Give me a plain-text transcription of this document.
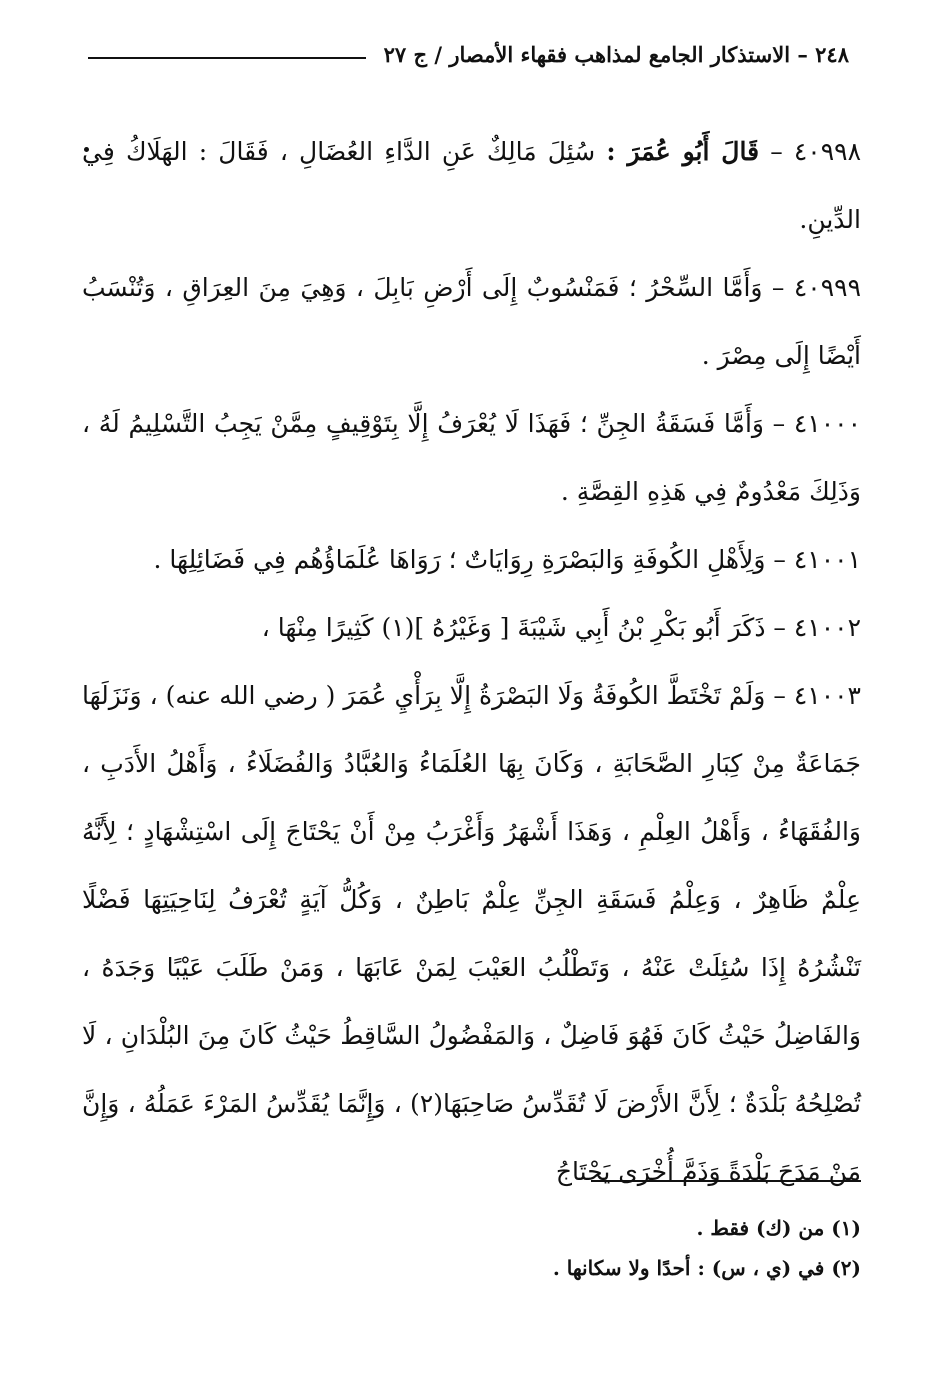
٢٤٨ – الاستذكار الجامع لمذاهب فقهاء الأمصار / ج ٢٧

٤٠٩٩٨ – قَالَ أَبُو عُمَرَ : سُئِلَ مَالِكٌ عَنِ الدَّاءِ العُضَالِ ، فَقَالَ : الهَلَاكُ فِي الدِّينِ.

٤٠٩٩٩ – وَأَمَّا السِّحْرُ ؛ فَمَنْسُوبٌ إِلَى أَرْضِ بَابِلَ ، وَهِيَ مِنَ العِرَاقِ ، وَتُنْسَبُ أَيْضًا إِلَى مِصْرَ .

٤١٠٠٠ – وَأَمَّا فَسَقَةُ الجِنِّ ؛ فَهَذَا لَا يُعْرَفُ إِلَّا بِتَوْقِيفٍ مِمَّنْ يَجِبُ التَّسْلِيمُ لَهُ ، وَذَلِكَ مَعْدُومٌ فِي هَذِهِ القِصَّةِ .

٤١٠٠١ – وَلِأَهْلِ الكُوفَةِ وَالبَصْرَةِ رِوَايَاتٌ ؛ رَوَاهَا عُلَمَاؤُهُم فِي فَضَائِلِهَا .

٤١٠٠٢ – ذَكَرَ أَبُو بَكْرِ بْنُ أَبِي شَيْبَةَ [ وَغَيْرُهُ ](١) كَثِيرًا مِنْهَا ،

٤١٠٠٣ – وَلَمْ تَخْتَطَّ الكُوفَةُ وَلَا البَصْرَةُ إِلَّا بِرَأْيِ عُمَرَ ( رضي الله عنه) ، وَنَزَلَهَا جَمَاعَةٌ مِنْ كِبَارِ الصَّحَابَةِ ، وَكَانَ بِهَا العُلَمَاءُ وَالعُبَّادُ وَالفُضَلَاءُ ، وَأَهْلُ الأَدَبِ ، وَالفُقَهَاءُ ، وَأَهْلُ العِلْمِ ، وَهَذَا أَشْهَرُ وَأَغْرَبُ مِنْ أَنْ يَحْتَاجَ إِلَى اسْتِشْهَادٍ ؛ لِأَنَّهُ عِلْمٌ ظَاهِرٌ ، وَعِلْمُ فَسَقَةِ الجِنِّ عِلْمٌ بَاطِنٌ ، وَكُلُّ آيَةٍ تُعْرَفُ لِنَاحِيَتِهَا فَضْلًا تَنْشُرُهُ إِذَا سُئِلَتْ عَنْهُ ، وَتَطْلُبُ العَيْبَ لِمَنْ عَابَهَا ، وَمَنْ طَلَبَ عَيْبًا وَجَدَهُ ، وَالفَاضِلُ حَيْثُ كَانَ فَهُوَ فَاضِلٌ ، وَالمَفْضُولُ السَّاقِطُ حَيْثُ كَانَ مِنَ البُلْدَانِ ، لَا تُصْلِحُهُ بَلْدَةٌ ؛ لِأَنَّ الأَرْضَ لَا تُقَدِّسُ صَاحِبَهَا(٢) ، وَإِنَّمَا يُقَدِّسُ المَرْءَ عَمَلُهُ ، وَإِنَّ مَنْ مَدَحَ بَلْدَةً وَذَمَّ أُخْرَى يَحْتَاجُ

(١) من (ك) فقط .

(٢) في (ي ، س) : أحدًا ولا سكانها .
